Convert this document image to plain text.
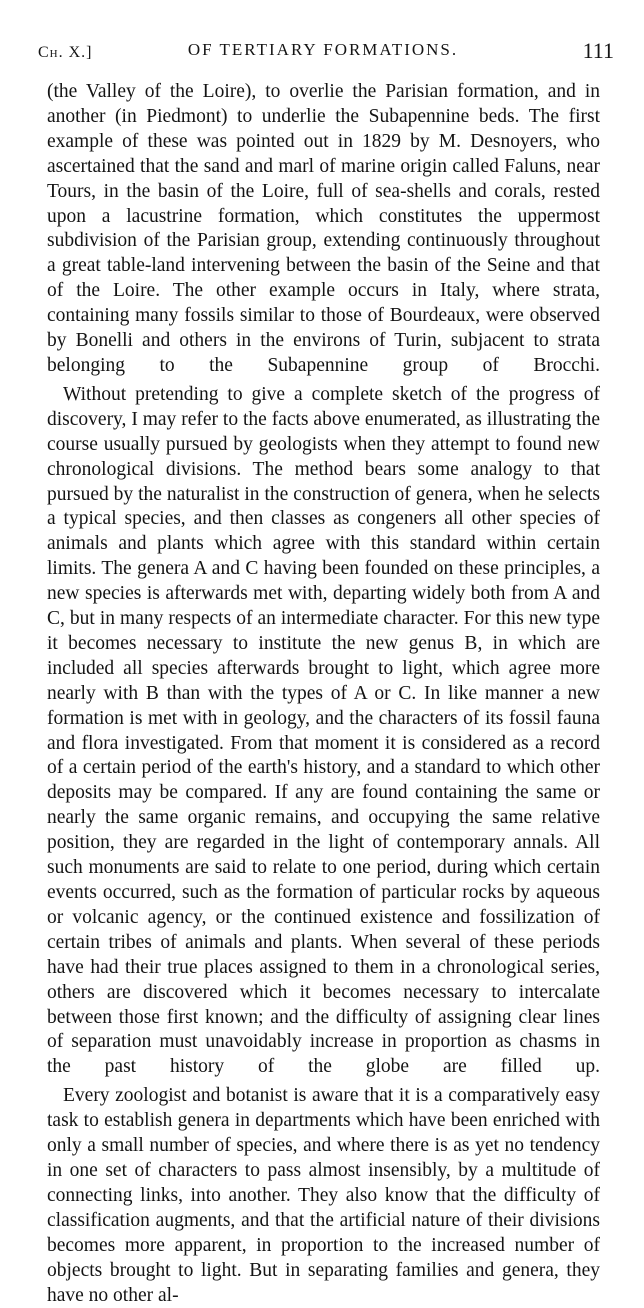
Ch. X.]	OF TERTIARY FORMATIONS.	111

(the Valley of the Loire), to overlie the Parisian formation, and in another (in Piedmont) to underlie the Subapennine beds. The first example of these was pointed out in 1829 by M. Desnoyers, who ascertained that the sand and marl of marine origin called Faluns, near Tours, in the basin of the Loire, full of sea-shells and corals, rested upon a lacustrine formation, which constitutes the uppermost subdivision of the Parisian group, extending continuously throughout a great table-land intervening between the basin of the Seine and that of the Loire. The other example occurs in Italy, where strata, containing many fossils similar to those of Bourdeaux, were observed by Bonelli and others in the environs of Turin, subjacent to strata belonging to the Subapennine group of Brocchi.

Without pretending to give a complete sketch of the progress of discovery, I may refer to the facts above enumerated, as illustrating the course usually pursued by geologists when they attempt to found new chronological divisions. The method bears some analogy to that pursued by the naturalist in the construction of genera, when he selects a typical species, and then classes as congeners all other species of animals and plants which agree with this standard within certain limits. The genera A and C having been founded on these principles, a new species is afterwards met with, departing widely both from A and C, but in many respects of an intermediate character. For this new type it becomes necessary to institute the new genus B, in which are included all species afterwards brought to light, which agree more nearly with B than with the types of A or C. In like manner a new formation is met with in geology, and the characters of its fossil fauna and flora investigated. From that moment it is considered as a record of a certain period of the earth's history, and a standard to which other deposits may be compared. If any are found containing the same or nearly the same organic remains, and occupying the same relative position, they are regarded in the light of contemporary annals. All such monuments are said to relate to one period, during which certain events occurred, such as the formation of particular rocks by aqueous or volcanic agency, or the continued existence and fossilization of certain tribes of animals and plants. When several of these periods have had their true places assigned to them in a chronological series, others are discovered which it becomes necessary to intercalate between those first known; and the difficulty of assigning clear lines of separation must unavoidably increase in proportion as chasms in the past history of the globe are filled up.

Every zoologist and botanist is aware that it is a comparatively easy task to establish genera in departments which have been enriched with only a small number of species, and where there is as yet no tendency in one set of characters to pass almost insensibly, by a multitude of connecting links, into another. They also know that the difficulty of classification augments, and that the artificial nature of their divisions becomes more apparent, in proportion to the increased number of objects brought to light. But in separating families and genera, they have no other al-
